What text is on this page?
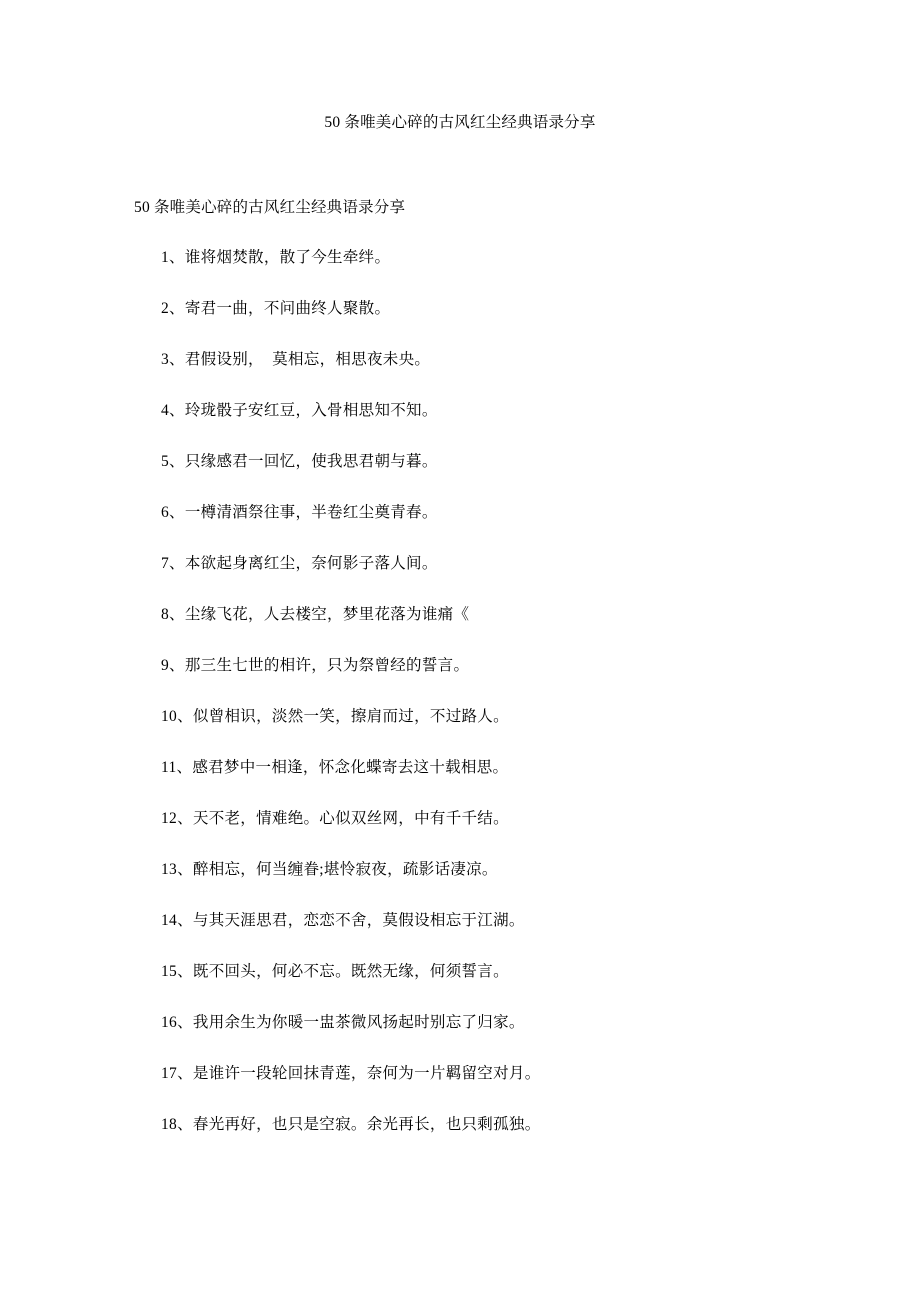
50 条唯美心碎的古风红尘经典语录分享

50 条唯美心碎的古风红尘经典语录分享

1、谁将烟焚散，散了今生牵绊。
2、寄君一曲，不问曲终人聚散。
3、君假设别，  莫相忘，相思夜未央。
4、玲珑骰子安红豆，入骨相思知不知。
5、只缘感君一回忆，使我思君朝与暮。
6、一樽清酒祭往事，半卷红尘奠青春。
7、本欲起身离红尘，奈何影子落人间。
8、尘缘飞花，人去楼空，梦里花落为谁痛《
9、那三生七世的相许，只为祭曾经的誓言。
10、似曾相识，淡然一笑，擦肩而过，不过路人。
11、感君梦中一相逢，怀念化蝶寄去这十载相思。
12、天不老，情难绝。心似双丝网，中有千千结。
13、醉相忘，何当缠眷;堪怜寂夜，疏影话凄凉。
14、与其天涯思君，恋恋不舍，莫假设相忘于江湖。
15、既不回头，何必不忘。既然无缘，何须誓言。
16、我用余生为你暖一盅茶微风扬起时别忘了归家。
17、是谁许一段轮回抹青莲，奈何为一片羁留空对月。
18、春光再好，也只是空寂。余光再长，也只剩孤独。
